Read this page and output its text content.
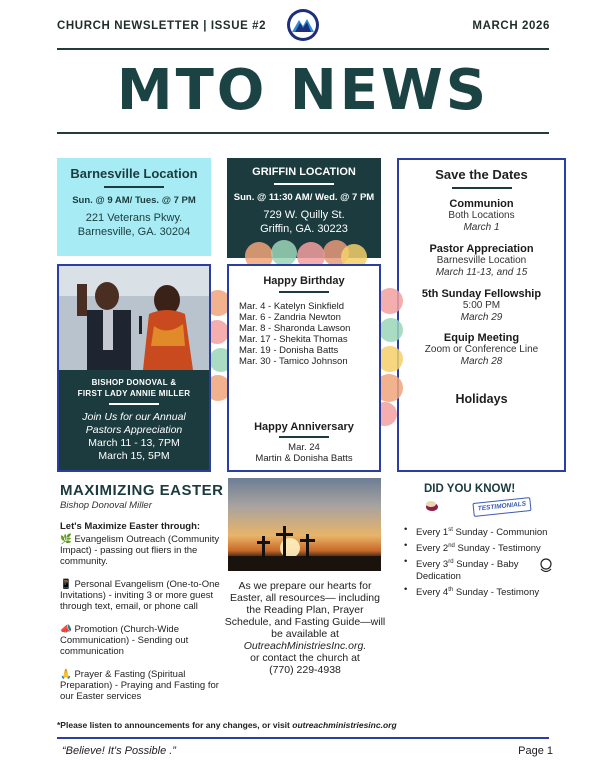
CHURCH NEWSLETTER | ISSUE #2	MARCH 2026
MTO NEWS
Barnesville Location
Sun. @ 9 AM/ Tues. @ 7 PM
221 Veterans Pkwy.
Barnesville, GA. 30204
GRIFFIN LOCATION
Sun. @ 11:30 AM/ Wed. @ 7 PM
729 W. Quilly St.
Griffin, GA. 30223
Save the Dates
Communion
Both Locations
March 1
Pastor Appreciation
Barnesville Location
March 11-13, and 15
5th Sunday Fellowship
5:00 PM
March 29
Equip Meeting
Zoom or Conference Line
March 28
Holidays
BISHOP DONOVAL &
FIRST LADY ANNIE MILLER
Join Us for our Annual
Pastors Appreciation
March 11 - 13, 7PM
March 15, 5PM
Happy Birthday
Mar. 4 - Katelyn Sinkfield
Mar. 6 - Zandria Newton
Mar. 8 - Sharonda Lawson
Mar. 17 - Shekita Thomas
Mar. 19 - Donisha Batts
Mar. 30 - Tamico Johnson
Happy Anniversary
Mar. 24
Martin & Donisha Batts
MAXIMIZING EASTER
Bishop Donoval Miller

Let's Maximize Easter through:

🌿 Evangelism Outreach (Community Impact) - passing out fliers in the community.

📱 Personal Evangelism (One-to-One Invitations) - inviting 3 or more guest through text, email, or phone call

📣 Promotion (Church-Wide Communication) - Sending out communication

🙏 Prayer & Fasting (Spiritual Preparation) - Praying and Fasting for our Easter services

As we prepare our hearts for Easter, all resources— including the Reading Plan, Prayer Schedule, and Fasting Guide—will be available at
OutreachMinistriesInc.org.
or contact the church at
(770) 229-4938
DID YOU KNOW!
TESTIMONIALS
• Every 1st Sunday - Communion
• Every 2nd Sunday - Testimony
• Every 3rd Sunday - Baby Dedication
• Every 4th Sunday - Testimony
*Please listen to announcements for any changes, or visit outreachministriesinc.org
“Believe! It's Possible .”	Page 1
